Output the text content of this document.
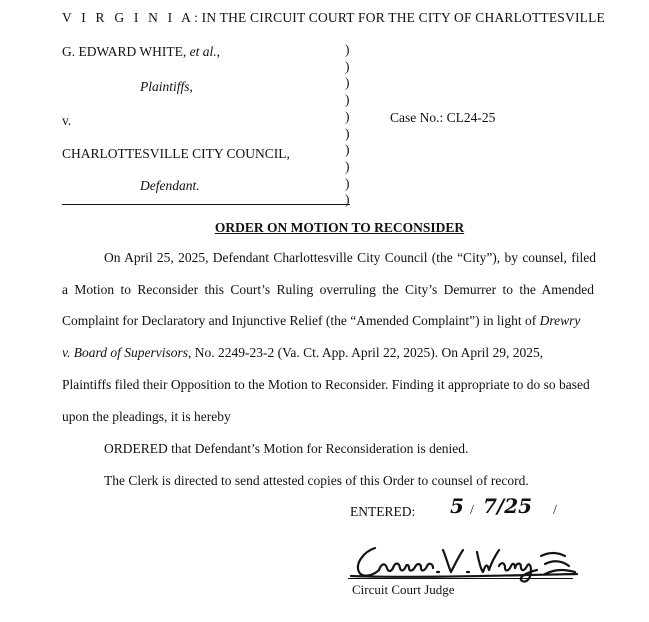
V I R G I N I A: IN THE CIRCUIT COURT FOR THE CITY OF CHARLOTTESVILLE
G. EDWARD WHITE, et al.,
Plaintiffs,
v.
CHARLOTTESVILLE CITY COUNCIL,
Defendant.
)
)
)
)
)
)
)
)
)
)
Case No.: CL24-25
ORDER ON MOTION TO RECONSIDER
On April 25, 2025, Defendant Charlottesville City Council (the “City”), by counsel, filed
a Motion to Reconsider this Court’s Ruling overruling the City’s Demurrer to the Amended
Complaint for Declaratory and Injunctive Relief (the “Amended Complaint”) in light of Drewry
v. Board of Supervisors, No. 2249-23-2 (Va. Ct. App. April 22, 2025). On April 29, 2025,
Plaintiffs filed their Opposition to the Motion to Reconsider. Finding it appropriate to do so based
upon the pleadings, it is hereby
ORDERED that Defendant’s Motion for Reconsideration is denied.
The Clerk is directed to send attested copies of this Order to counsel of record.
ENTERED: 5 / 7/25 /
Circuit Court Judge
